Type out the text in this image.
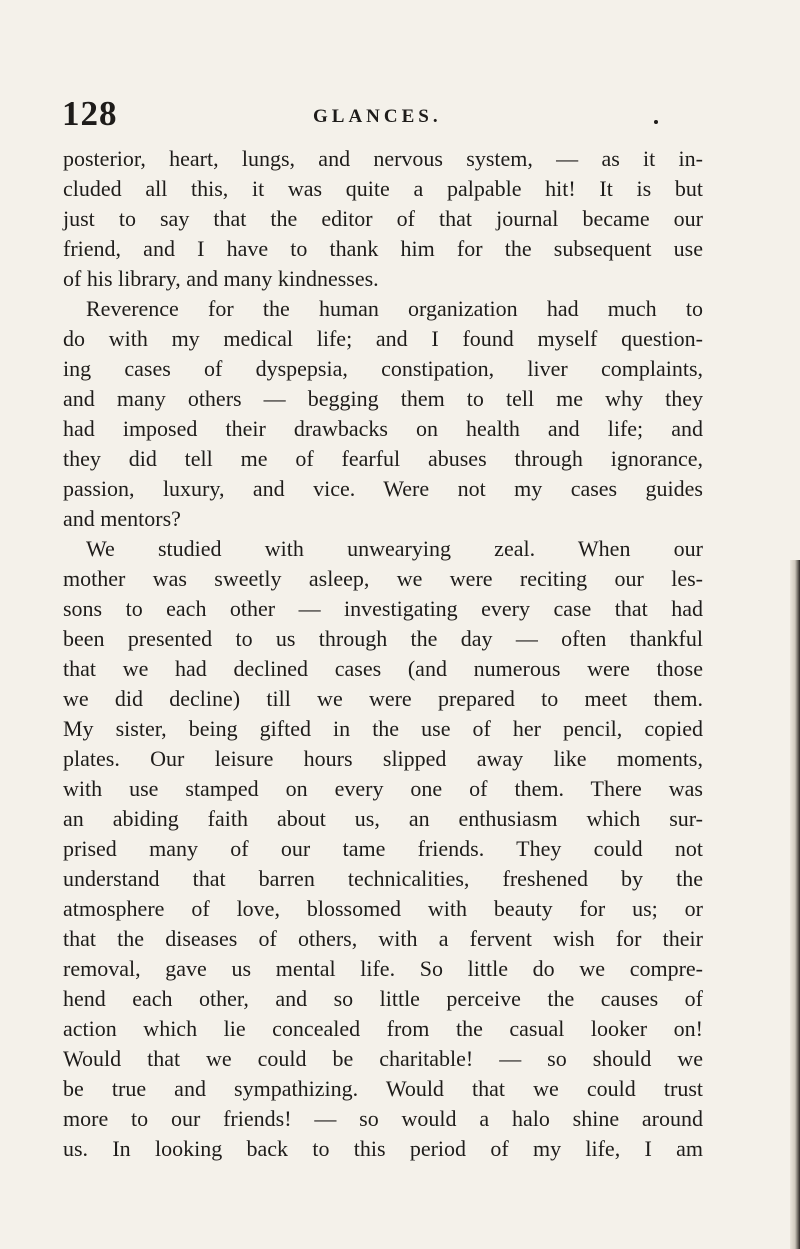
128	GLANCES.
posterior, heart, lungs, and nervous system, — as it in-
cluded all this, it was quite a palpable hit! It is but
just to say that the editor of that journal became our
friend, and I have to thank him for the subsequent use
of his library, and many kindnesses.
Reverence for the human organization had much to
do with my medical life; and I found myself question-
ing cases of dyspepsia, constipation, liver complaints,
and many others — begging them to tell me why they
had imposed their drawbacks on health and life; and
they did tell me of fearful abuses through ignorance,
passion, luxury, and vice. Were not my cases guides
and mentors?
We studied with unwearying zeal. When our
mother was sweetly asleep, we were reciting our les-
sons to each other — investigating every case that had
been presented to us through the day — often thankful
that we had declined cases (and numerous were those
we did decline) till we were prepared to meet them.
My sister, being gifted in the use of her pencil, copied
plates. Our leisure hours slipped away like moments,
with use stamped on every one of them. There was
an abiding faith about us, an enthusiasm which sur-
prised many of our tame friends. They could not
understand that barren technicalities, freshened by the
atmosphere of love, blossomed with beauty for us; or
that the diseases of others, with a fervent wish for their
removal, gave us mental life. So little do we compre-
hend each other, and so little perceive the causes of
action which lie concealed from the casual looker on!
Would that we could be charitable! — so should we
be true and sympathizing. Would that we could trust
more to our friends! — so would a halo shine around
us. In looking back to this period of my life, I am
